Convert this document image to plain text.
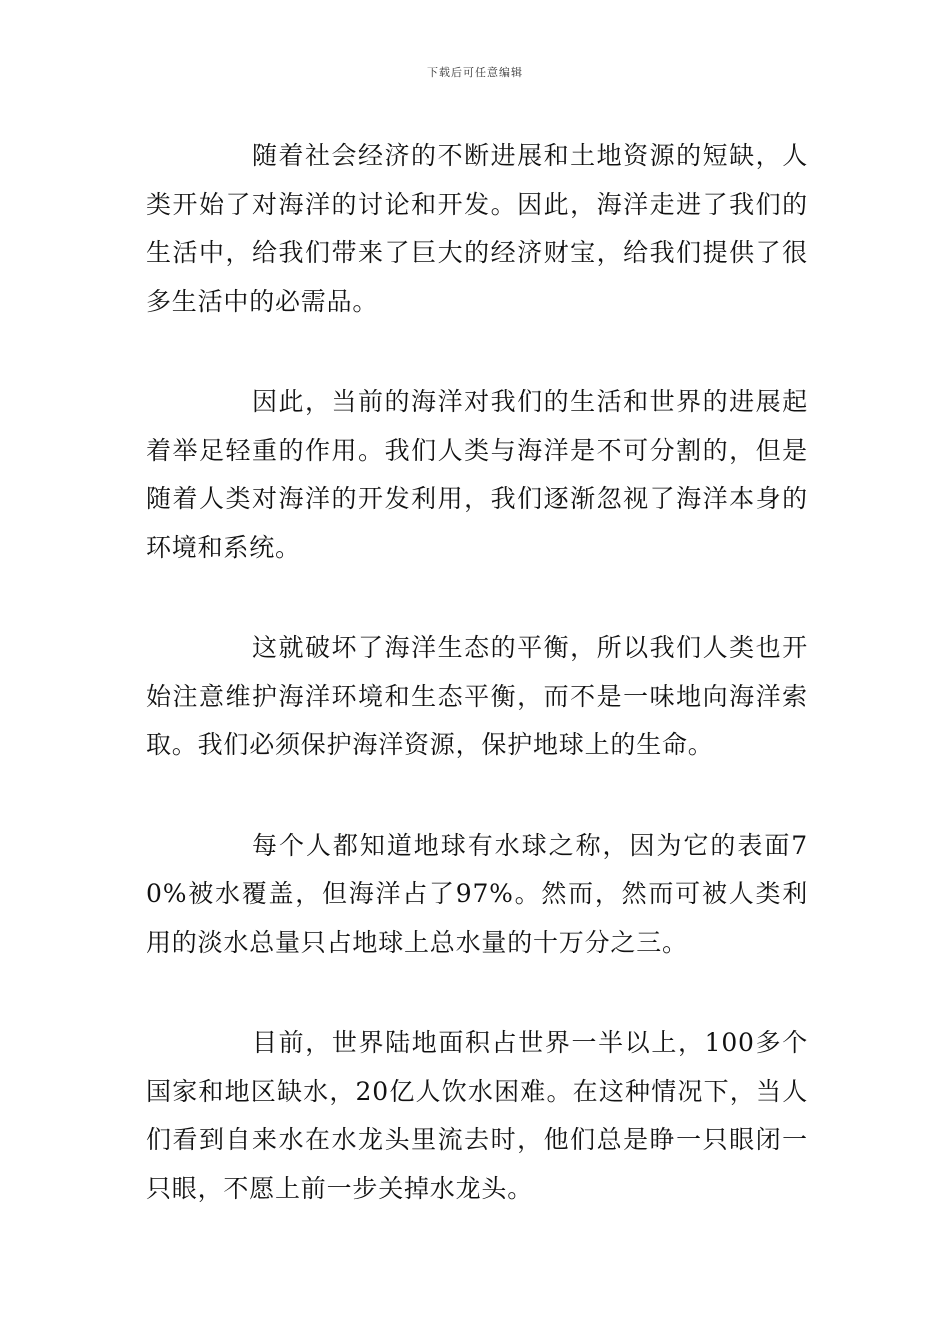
下载后可任意编辑

随着社会经济的不断进展和土地资源的短缺，人类开始了对海洋的讨论和开发。因此，海洋走进了我们的生活中，给我们带来了巨大的经济财宝，给我们提供了很多生活中的必需品。

因此，当前的海洋对我们的生活和世界的进展起着举足轻重的作用。我们人类与海洋是不可分割的，但是随着人类对海洋的开发利用，我们逐渐忽视了海洋本身的环境和系统。

这就破坏了海洋生态的平衡，所以我们人类也开始注意维护海洋环境和生态平衡，而不是一味地向海洋索取。我们必须保护海洋资源，保护地球上的生命。

每个人都知道地球有水球之称，因为它的表面70%被水覆盖，但海洋占了97%。然而，然而可被人类利用的淡水总量只占地球上总水量的十万分之三。

目前，世界陆地面积占世界一半以上，100多个国家和地区缺水，20亿人饮水困难。在这种情况下，当人们看到自来水在水龙头里流去时，他们总是睁一只眼闭一只眼，不愿上前一步关掉水龙头。
